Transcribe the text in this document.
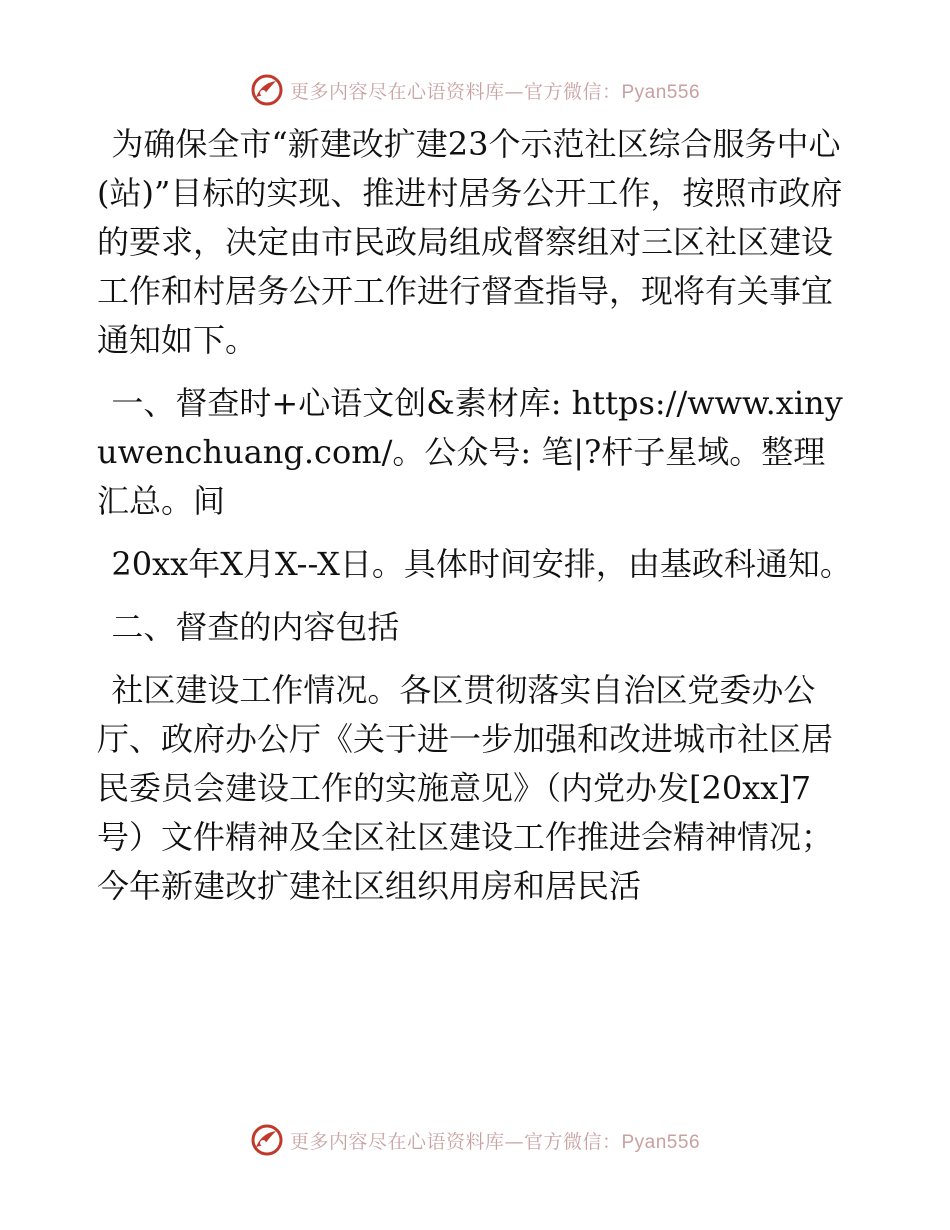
更多内容尽在心语资料库—官方微信：Pyan556

为确保全市“新建改扩建23个示范社区综合服务中心(站)”目标的实现、推进村居务公开工作，按照市政府的要求，决定由市民政局组成督察组对三区社区建设工作和村居务公开工作进行督查指导，现将有关事宜通知如下。

一、督查时+心语文创&素材库: https://www.xinyuwenchuang.com/。公众号: 笔|?杆子星域。整理汇总。间

20xx年X月X--X日。具体时间安排，由基政科通知。

二、督查的内容包括

社区建设工作情况。各区贯彻落实自治区党委办公厅、政府办公厅《关于进一步加强和改进城市社区居民委员会建设工作的实施意见》（内党办发[20xx]7号）文件精神及全区社区建设工作推进会精神情况；今年新建改扩建社区组织用房和居民活

更多内容尽在心语资料库—官方微信：Pyan556
